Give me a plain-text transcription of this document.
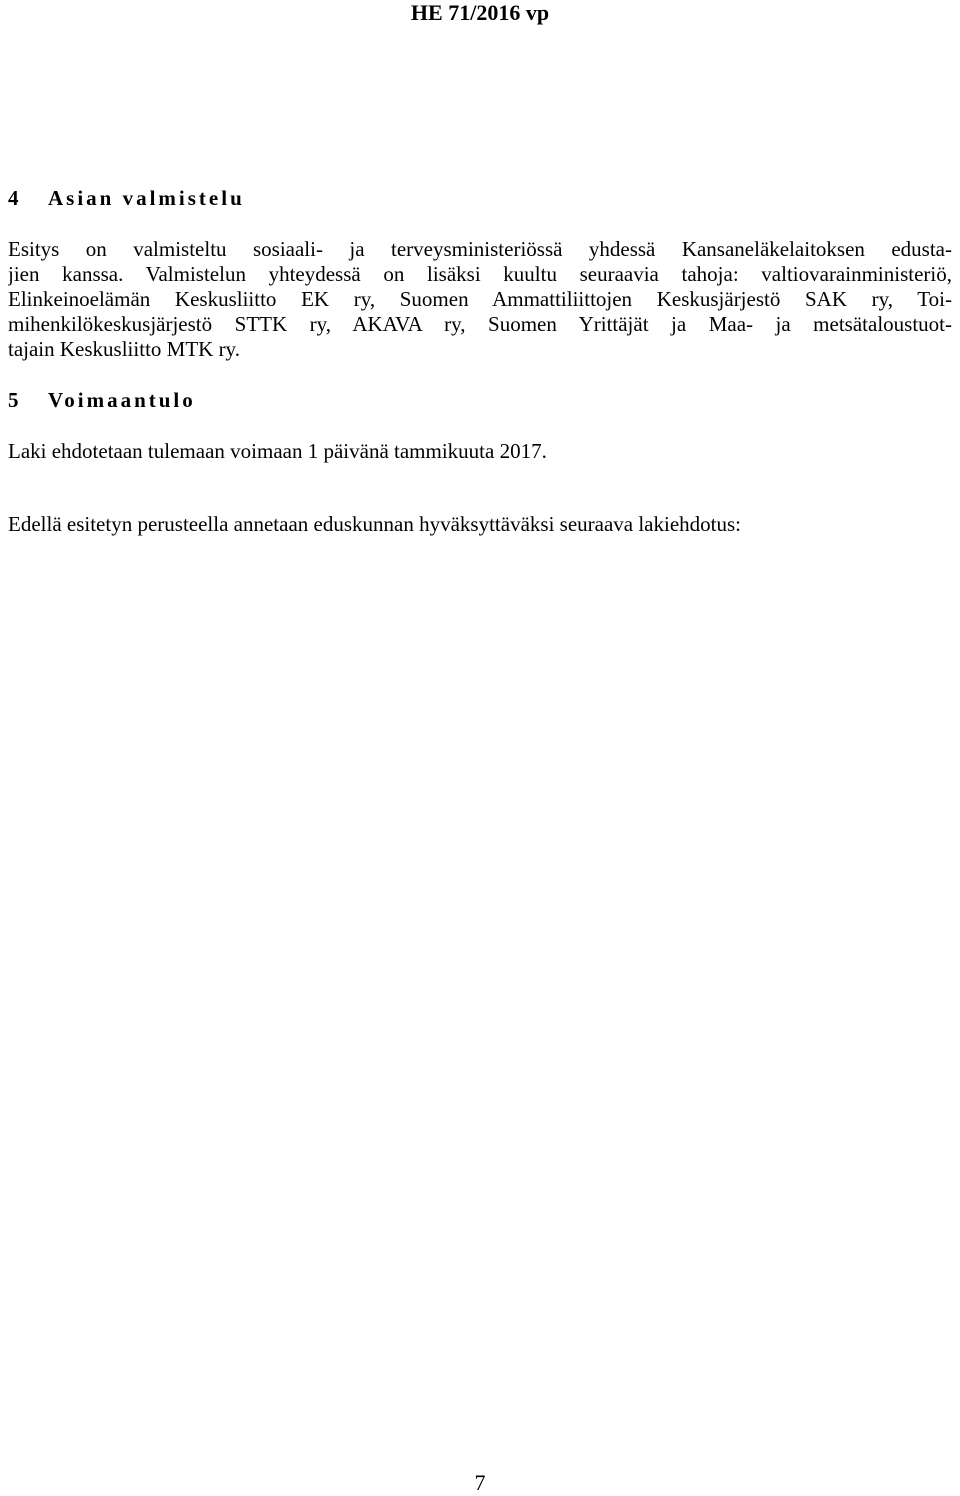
HE 71/2016 vp
4 Asian valmistelu
Esitys on valmisteltu sosiaali- ja terveysministeriössä yhdessä Kansaneläkelaitoksen edusta-
jien kanssa. Valmistelun yhteydessä on lisäksi kuultu seuraavia tahoja: valtiovarainministeriö,
Elinkeinoelämän Keskusliitto EK ry, Suomen Ammattiliittojen Keskusjärjestö SAK ry, Toi-
mihenkilökeskusjärjestö STTK ry, AKAVA ry, Suomen Yrittäjät ja Maa- ja metsätaloustuot-
tajain Keskusliitto MTK ry.
5 Voimaantulo
Laki ehdotetaan tulemaan voimaan 1 päivänä tammikuuta 2017.
Edellä esitetyn perusteella annetaan eduskunnan hyväksyttäväksi seuraava lakiehdotus:
7
